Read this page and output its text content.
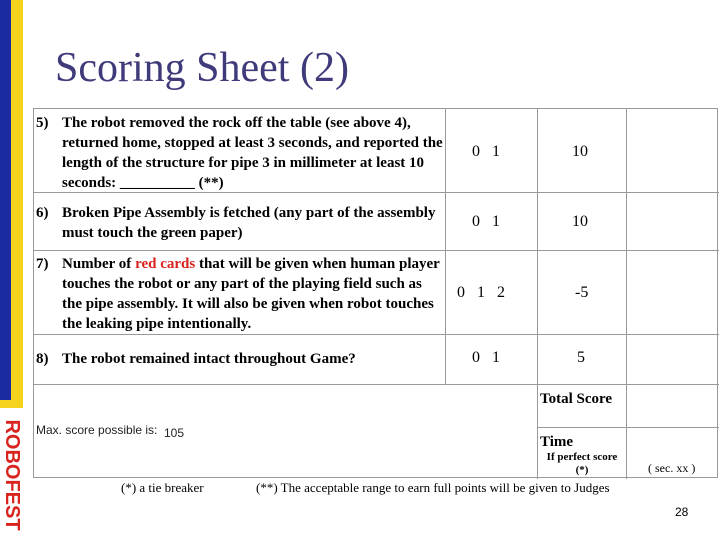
ROBOFEST
Scoring Sheet (2)
5) The robot removed the rock off the table (see above 4), returned home, stopped at least 3 seconds, and reported the length of the structure for pipe 3 in millimeter at least 10 seconds: __________ (**)
0   1	10
6) Broken Pipe Assembly is fetched (any part of the assembly must touch the green paper)
0   1	10
7) Number of red cards that will be given when human player touches the robot or any part of the playing field such as the pipe assembly. It will also be given when robot touches the leaking pipe intentionally.
0   1   2	-5
8) The robot remained intact throughout Game?	0   1	5
Total Score
Time
If perfect score (*)	( sec. xx )
Max. score possible is: 105
(*) a tie breaker	(**) The acceptable range to earn full points will be given to Judges
28
